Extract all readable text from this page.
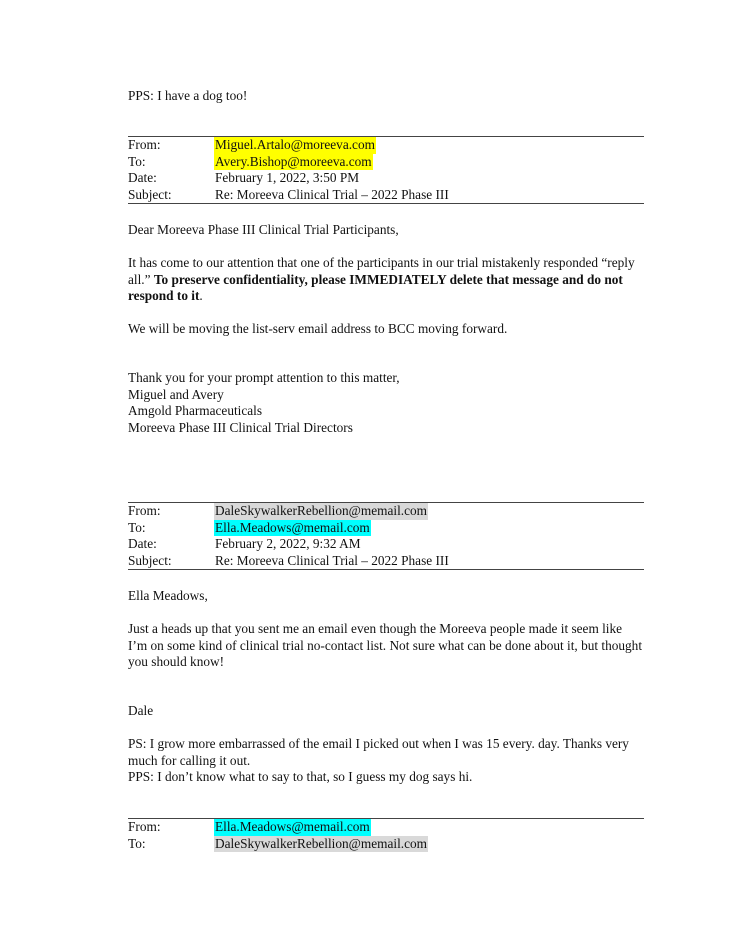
PPS: I have a dog too!

From:	Miguel.Artalo@moreeva.com
To:	Avery.Bishop@moreeva.com
Date:	February 1, 2022, 3:50 PM
Subject:	Re: Moreeva Clinical Trial – 2022 Phase III

Dear Moreeva Phase III Clinical Trial Participants,

It has come to our attention that one of the participants in our trial mistakenly responded “reply all.” To preserve confidentiality, please IMMEDIATELY delete that message and do not respond to it.

We will be moving the list-serv email address to BCC moving forward.

Thank you for your prompt attention to this matter,

Miguel and Avery

Amgold Pharmaceuticals

Moreeva Phase III Clinical Trial Directors

From:	DaleSkywalkerRebellion@memail.com
To:	Ella.Meadows@memail.com
Date:	February 2, 2022, 9:32 AM
Subject:	Re: Moreeva Clinical Trial – 2022 Phase III

Ella Meadows,

Just a heads up that you sent me an email even though the Moreeva people made it seem like I’m on some kind of clinical trial no-contact list. Not sure what can be done about it, but thought you should know!

Dale

PS: I grow more embarrassed of the email I picked out when I was 15 every. day. Thanks very much for calling it out.

PPS: I don’t know what to say to that, so I guess my dog says hi.

From:	Ella.Meadows@memail.com
To:	DaleSkywalkerRebellion@memail.com
